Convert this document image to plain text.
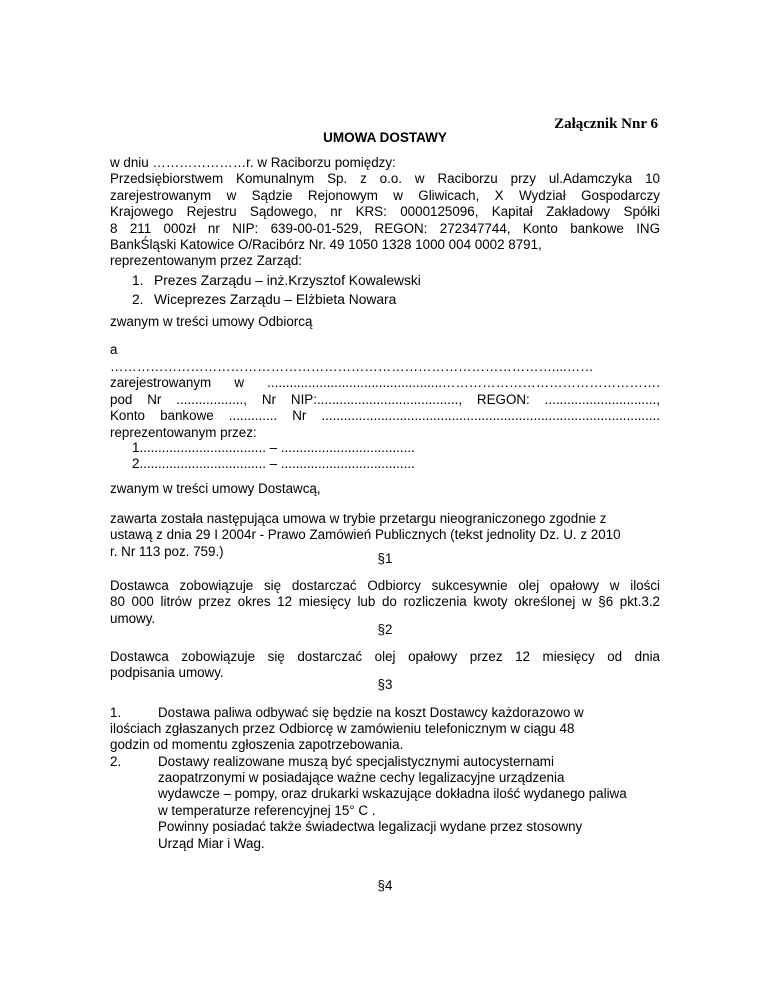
Załącznik Nnr 6
UMOWA DOSTAWY
w dniu …………………r. w Raciborzu pomiędzy:
Przedsiębiorstwem Komunalnym Sp. z o.o. w Raciborzu przy ul.Adamczyka 10
zarejestrowanym w Sądzie Rejonowym w Gliwicach, X Wydział Gospodarczy
Krajowego Rejestru Sądowego, nr KRS: 0000125096, Kapitał Zakładowy Spółki
8 211 000zł nr NIP: 639-00-01-529, REGON: 272347744, Konto bankowe ING
BankŚląski Katowice O/Racibórz Nr. 49 1050 1328 1000 004 0002 8791,
reprezentowanym przez Zarząd:
1. Prezes Zarządu – inż.Krzysztof Kowalewski
2. Wiceprezes Zarządu – Elżbieta Nowara
zwanym w treści umowy Odbiorcą
a
………………………………………………………………………………………....……
zarejestrowanym w ...............................................………………………………………….
pod Nr .................., Nr NIP:......................................, REGON: ..............................,
Konto bankowe ............. Nr ...........................................................................................
reprezentowanym przez:
1.................................. – ....................................
2.................................. – ....................................
zwanym w treści umowy Dostawcą,
zawarta została następująca umowa w trybie przetargu nieograniczonego zgodnie z
ustawą z dnia 29 I 2004r - Prawo Zamówień Publicznych (tekst jednolity Dz. U. z 2010
r. Nr 113 poz. 759.)	§1
Dostawca zobowiązuje się dostarczać Odbiorcy sukcesywnie olej opałowy w ilości
80 000 litrów przez okres 12 miesięcy lub do rozliczenia kwoty określonej w §6 pkt.3.2
umowy.
§2
Dostawca zobowiązuje się dostarczać olej opałowy przez 12 miesięcy od dnia
podpisania umowy.
§3
1.	Dostawa paliwa odbywać się będzie na koszt Dostawcy każdorazowo w
ilościach zgłaszanych przez Odbiorcę w zamówieniu telefonicznym w ciągu 48
godzin od momentu zgłoszenia zapotrzebowania.
2.	Dostawy realizowane muszą być specjalistycznymi autocysternami
zaopatrzonymi w posiadające ważne cechy legalizacyjne urządzenia
wydawcze – pompy, oraz drukarki wskazujące dokładna ilość wydanego paliwa
w temperaturze referencyjnej 15° C .
Powinny posiadać także świadectwa legalizacji wydane przez stosowny
Urząd Miar i Wag.
§4
